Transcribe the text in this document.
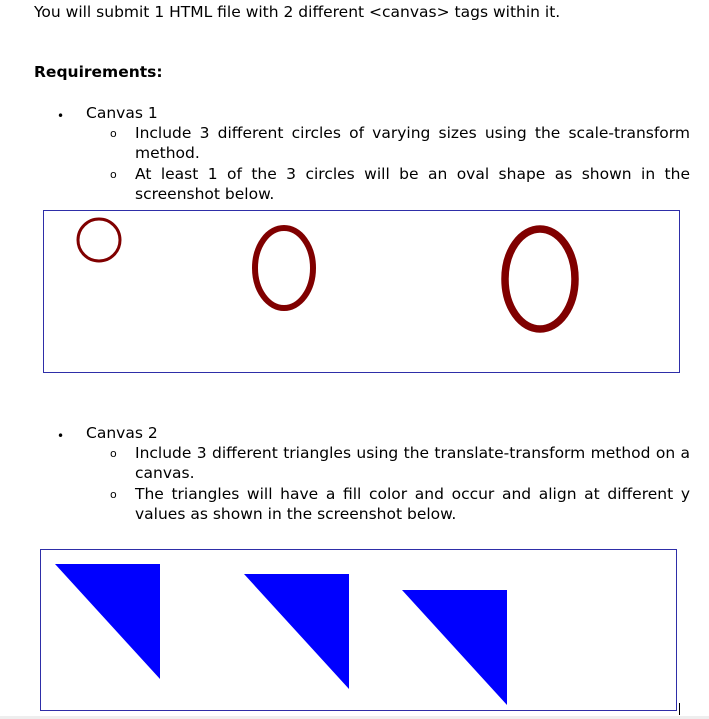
You will submit 1 HTML file with 2 different <canvas> tags within it.
Requirements:
• Canvas 1
o Include 3 different circles of varying sizes using the scale-transform method.
o At least 1 of the 3 circles will be an oval shape as shown in the screenshot below.
• Canvas 2
o Include 3 different triangles using the translate-transform method on a canvas.
o The triangles will have a fill color and occur and align at different y values as shown in the screenshot below.
